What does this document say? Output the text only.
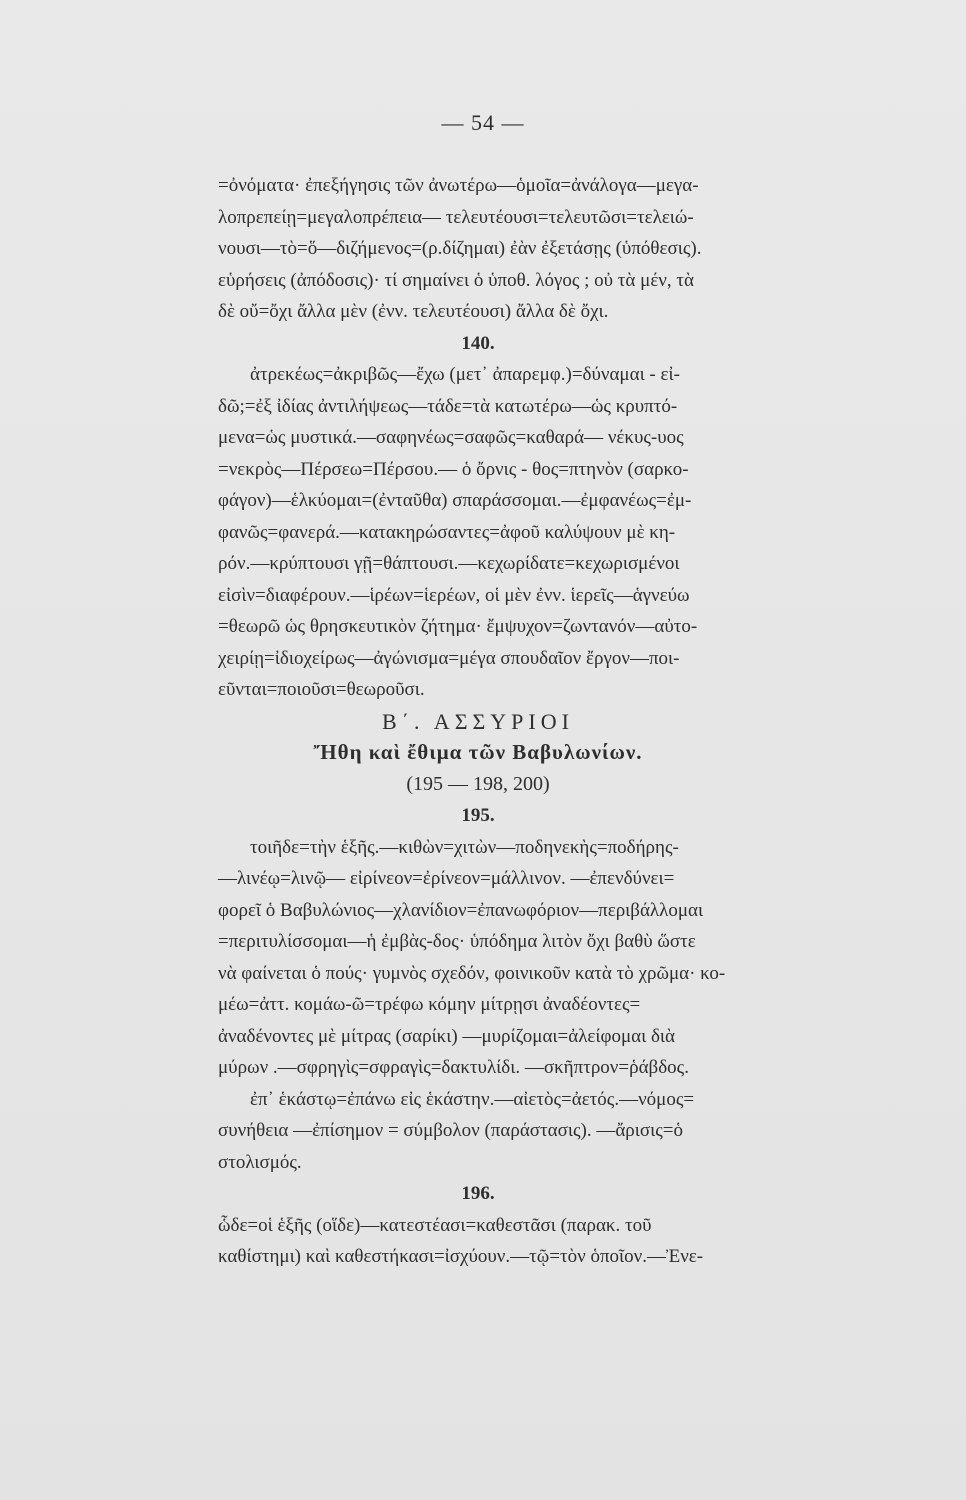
— 54 —
=ὀνόματα· ἐπεξήγησις τῶν ἀνωτέρω—ὁμοῖα=ἀνάλογα—μεγα-
λοπρεπείῃ=μεγαλοπρέπεια— τελευτέουσι=τελευτῶσι=τελειώ-
νουσι—τὸ=ὅ—διζήμενος=(ρ.δίζημαι) ἐὰν ἐξετάσῃς (ὑπόθεσις).
εὑρήσεις (ἀπόδοσις)· τί σημαίνει ὁ ὑποθ. λόγος ; οὐ τὰ μέν, τὰ
δὲ οὔ=ὄχι ἄλλα μὲν (ἐνν. τελευτέουσι) ἄλλα δὲ ὄχι.
140.
ἀτρεκέως=ἀκριβῶς—ἔχω (μετ᾽ ἀπαρεμφ.)=δύναμαι - εἰ-
δῶ;=ἐξ ἰδίας ἀντιλήψεως—τάδε=τὰ κατωτέρω—ὡς κρυπτό-
μενα=ὡς μυστικά.—σαφηνέως=σαφῶς=καθαρά— νέκυς-υος
=νεκρὸς—Πέρσεω=Πέρσου.— ὁ ὄρνις - θος=πτηνὸν (σαρκο-
φάγον)—ἑλκύομαι=(ἐνταῦθα) σπαράσσομαι.—ἐμφανέως=ἐμ-
φανῶς=φανερά.—κατακηρώσαντες=ἀφοῦ καλύψουν μὲ κη-
ρόν.—κρύπτουσι γῇ=θάπτουσι.—κεχωρίδατε=κεχωρισμένοι
εἰσὶν=διαφέρουν.—ἱρέων=ἱερέων, οἱ μὲν ἐνν. ἱερεῖς—ἁγνεύω
=θεωρῶ ὡς θρησκευτικὸν ζήτημα· ἔμψυχον=ζωντανόν—αὐτο-
χειρίῃ=ἰδιοχείρως—ἀγώνισμα=μέγα σπουδαῖον ἔργον—ποι-
εῦνται=ποιοῦσι=θεωροῦσι.
Β΄. ΑΣΣΥΡΙΟΙ
Ἤθη καὶ ἔθιμα τῶν Βαβυλωνίων.
(195 — 198, 200)
195.
τοιῆδε=τὴν ἑξῆς.—κιθὼν=χιτὼν—ποδηνεκὴς=ποδήρης-
—λινέῳ=λινῷ— εἰρίνεον=ἐρίνεον=μάλλινον. —ἐπενδύνει=
φορεῖ ὁ Βαβυλώνιος—χλανίδιον=ἐπανωφόριον—περιβάλλομαι
=περιτυλίσσομαι—ἡ ἐμβὰς-δος· ὑπόδημα λιτὸν ὄχι βαθὺ ὥστε
νὰ φαίνεται ὁ πούς· γυμνὸς σχεδόν, φοινικοῦν κατὰ τὸ χρῶμα· κο-
μέω=ἀττ. κομάω-ῶ=τρέφω κόμην μίτρῃσι ἀναδέοντες=
ἀναδένοντες μὲ μίτρας (σαρίκι) —μυρίζομαι=ἀλείφομαι διὰ
μύρων .—σφρηγὶς=σφραγὶς=δακτυλίδι. —σκῆπτρον=ῥάβδος.
ἐπ᾽ ἑκάστῳ=ἐπάνω εἰς ἑκάστην.—αἰετὸς=ἀετός.—νόμος=
συνήθεια —ἐπίσημον = σύμβολον (παράστασις). —ἄρισις=ὁ
στολισμός.
196.
ὧδε=οἱ ἑξῆς (οἵδε)—κατεστέασι=καθεστᾶσι (παρακ. τοῦ
καθίστημι) καὶ καθεστήκασι=ἰσχύουν.—τῷ=τὸν ὁποῖον.—Ἐνε-
